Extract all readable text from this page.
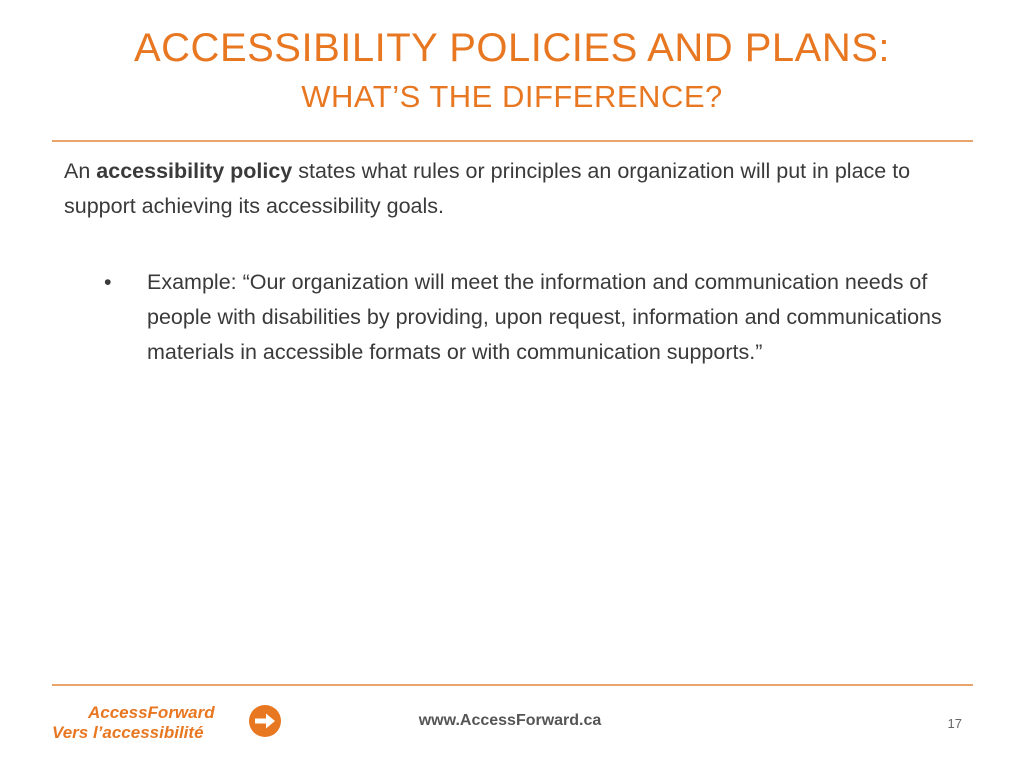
ACCESSIBILITY POLICIES AND PLANS:
WHAT’S THE DIFFERENCE?
An accessibility policy states what rules or principles an organization will put in place to support achieving its accessibility goals.
•	Example: “Our organization will meet the information and communication needs of people with disabilities by providing, upon request, information and communications materials in accessible formats or with communication supports.”
AccessForward
Vers l’accessibilité
www.AccessForward.ca	17
